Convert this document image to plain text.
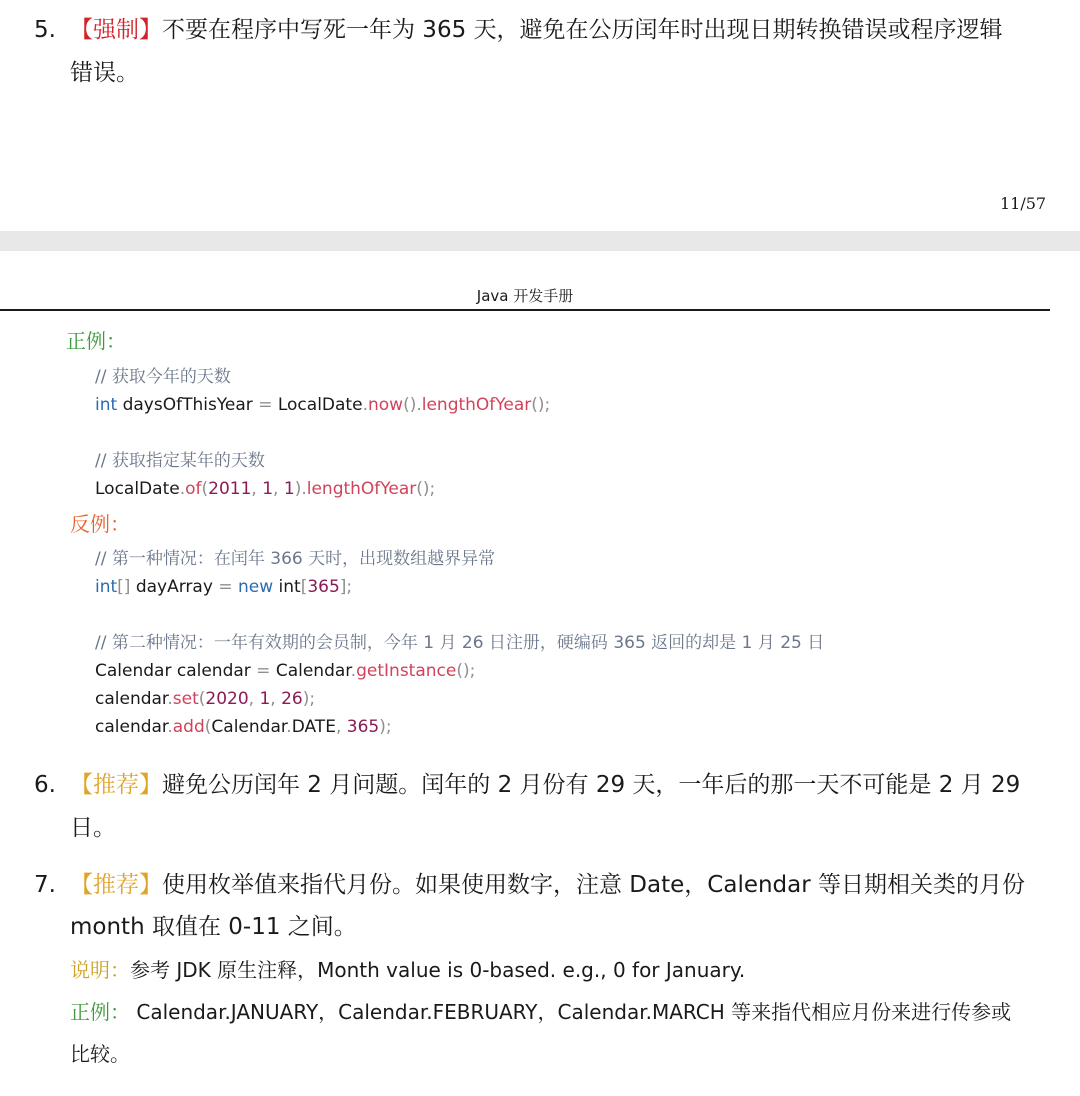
5. 【强制】不要在程序中写死一年为 365 天，避免在公历闰年时出现日期转换错误或程序逻辑
错误。
11/57
Java 开发手册
正例：
// 获取今年的天数
int daysOfThisYear = LocalDate.now().lengthOfYear();
// 获取指定某年的天数
LocalDate.of(2011, 1, 1).lengthOfYear();
反例：
// 第一种情况：在闰年 366 天时，出现数组越界异常
int[] dayArray = new int[365];
// 第二种情况：一年有效期的会员制，今年 1 月 26 日注册，硬编码 365 返回的却是 1 月 25 日
Calendar calendar = Calendar.getInstance();
calendar.set(2020, 1, 26);
calendar.add(Calendar.DATE, 365);
6. 【推荐】避免公历闰年 2 月问题。闰年的 2 月份有 29 天，一年后的那一天不可能是 2 月 29
日。
7. 【推荐】使用枚举值来指代月份。如果使用数字，注意 Date，Calendar 等日期相关类的月份
month 取值在 0-11 之间。
说明：参考 JDK 原生注释，Month value is 0-based. e.g., 0 for January.
正例： Calendar.JANUARY，Calendar.FEBRUARY，Calendar.MARCH 等来指代相应月份来进行传参或
比较。
